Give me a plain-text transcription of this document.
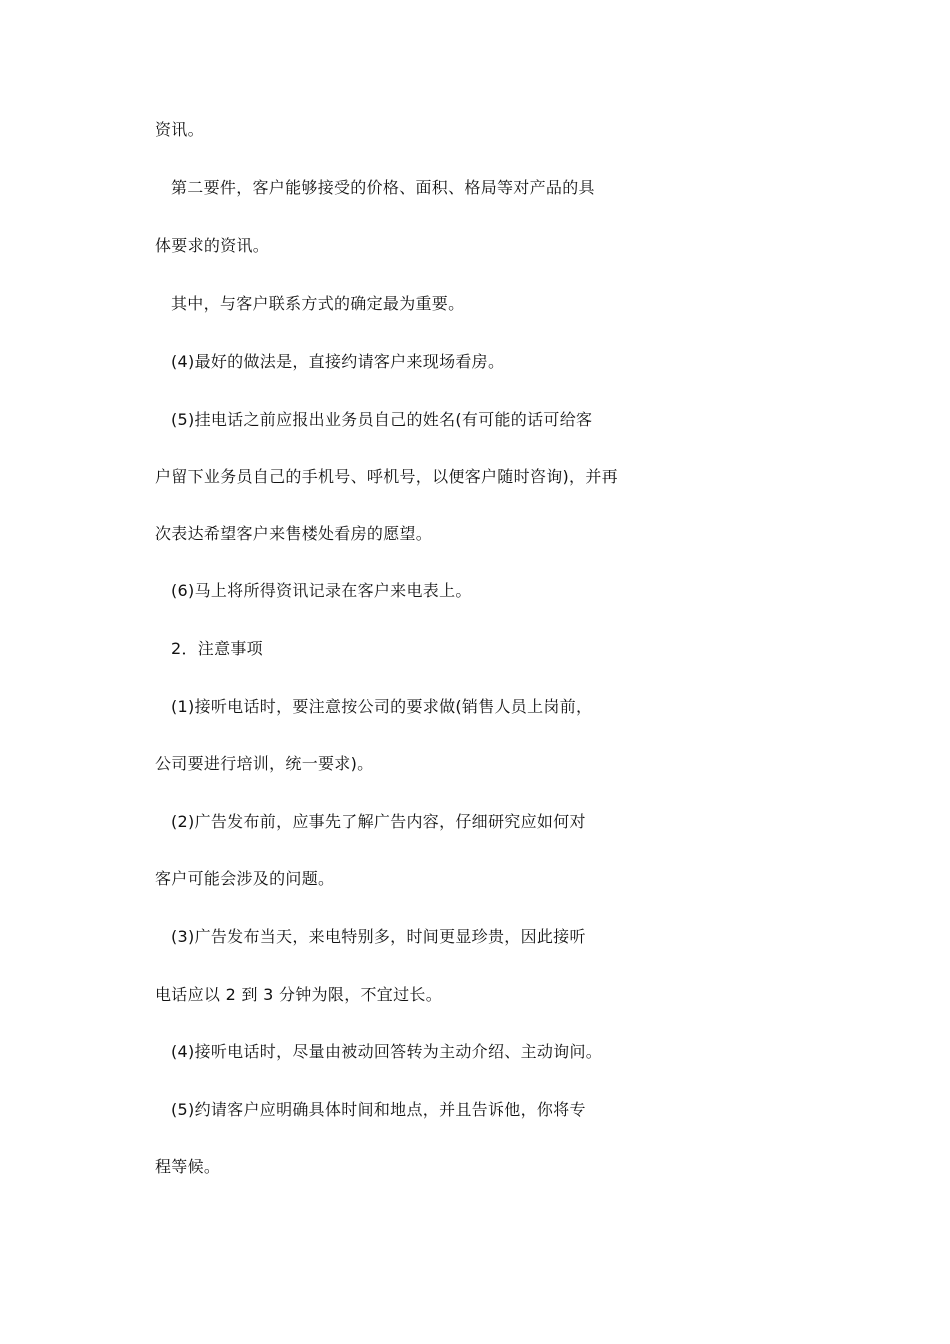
资讯。
第二要件，客户能够接受的价格、面积、格局等对产品的具
体要求的资讯。
其中，与客户联系方式的确定最为重要。
(4)最好的做法是，直接约请客户来现场看房。
(5)挂电话之前应报出业务员自己的姓名(有可能的话可给客
户留下业务员自己的手机号、呼机号，以便客户随时咨询)，并再
次表达希望客户来售楼处看房的愿望。
(6)马上将所得资讯记录在客户来电表上。
2．注意事项
(1)接听电话时，要注意按公司的要求做(销售人员上岗前，
公司要进行培训，统一要求)。
(2)广告发布前，应事先了解广告内容，仔细研究应如何对
客户可能会涉及的问题。
(3)广告发布当天，来电特别多，时间更显珍贵，因此接听
电话应以 2 到 3 分钟为限，不宜过长。
(4)接听电话时，尽量由被动回答转为主动介绍、主动询问。
(5)约请客户应明确具体时间和地点，并且告诉他，你将专
程等候。
